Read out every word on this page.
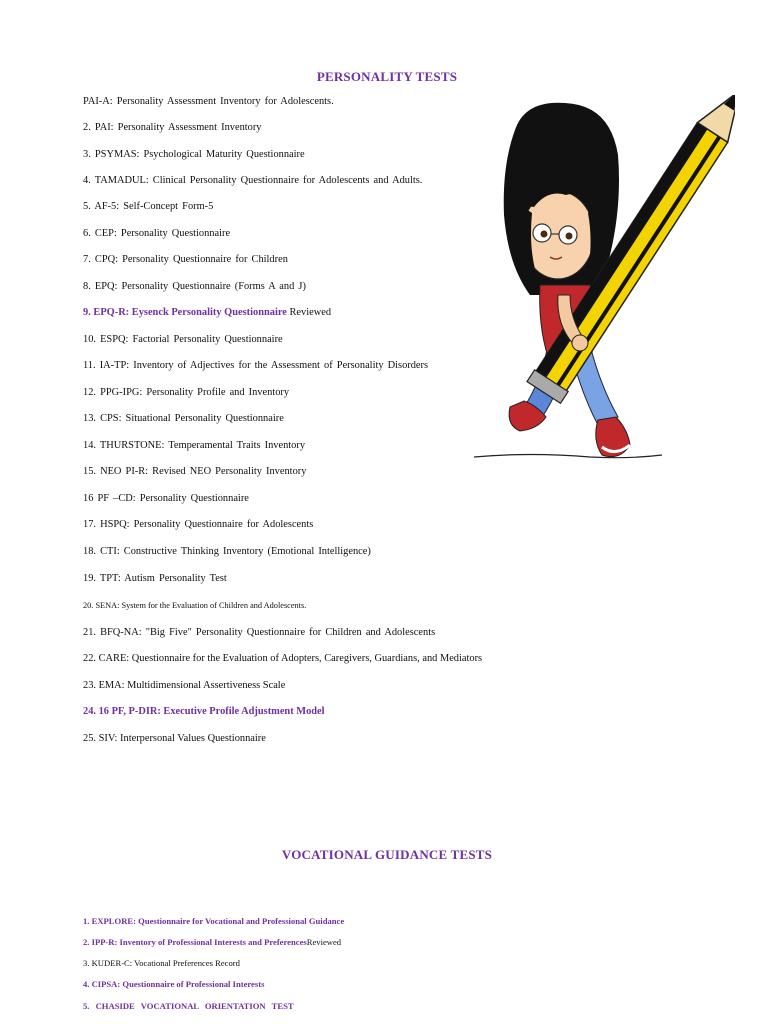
PERSONALITY TESTS
PAI-A: Personality Assessment Inventory for Adolescents.
2. PAI: Personality Assessment Inventory
3. PSYMAS: Psychological Maturity Questionnaire
4. TAMADUL: Clinical Personality Questionnaire for Adolescents and Adults.
5. AF-5: Self-Concept Form-5
6. CEP: Personality Questionnaire
7. CPQ: Personality Questionnaire for Children
8. EPQ: Personality Questionnaire (Forms A and J)
9. EPQ-R: Eysenck Personality Questionnaire Reviewed
10. ESPQ: Factorial Personality Questionnaire
11. IA-TP: Inventory of Adjectives for the Assessment of Personality Disorders
12. PPG-IPG: Personality Profile and Inventory
13. CPS: Situational Personality Questionnaire
14. THURSTONE: Temperamental Traits Inventory
15. NEO PI-R: Revised NEO Personality Inventory
16 PF –CD: Personality Questionnaire
17. HSPQ: Personality Questionnaire for Adolescents
18. CTI: Constructive Thinking Inventory (Emotional Intelligence)
19. TPT: Autism Personality Test
20. SENA: System for the Evaluation of Children and Adolescents.
21. BFQ-NA: "Big Five" Personality Questionnaire for Children and Adolescents
22. CARE: Questionnaire for the Evaluation of Adopters, Caregivers, Guardians, and Mediators
23. EMA: Multidimensional Assertiveness Scale
24. 16 PF, P-DIR: Executive Profile Adjustment Model
25. SIV: Interpersonal Values Questionnaire
VOCATIONAL GUIDANCE TESTS
1. EXPLORE: Questionnaire for Vocational and Professional Guidance
2. IPP-R: Inventory of Professional Interests and PreferencesReviewed
3. KUDER-C: Vocational Preferences Record
4. CIPSA: Questionnaire of Professional Interests
5. CHASIDE VOCATIONAL ORIENTATION TEST
